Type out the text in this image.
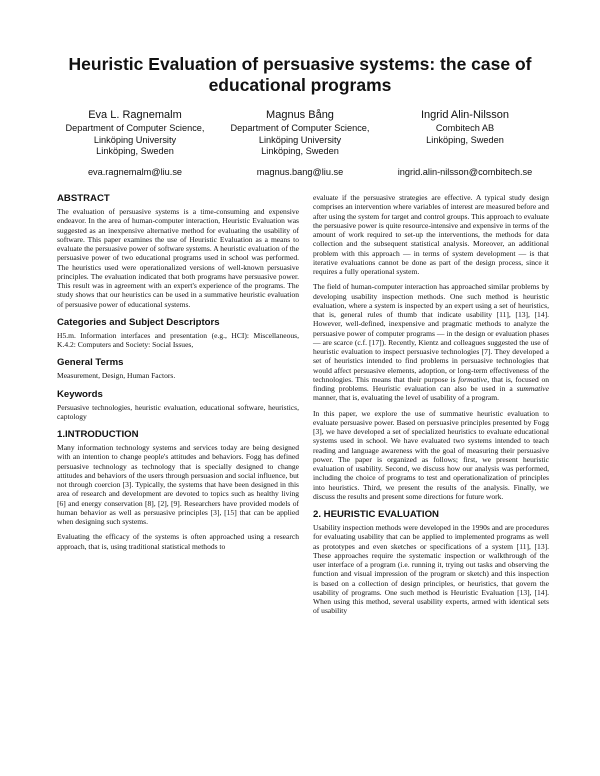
Heuristic Evaluation of persuasive systems: the case of educational programs
Eva L. Ragnemalm
Department of Computer Science,
Linköping University
Linköping, Sweden
eva.ragnemalm@liu.se
Magnus Bång
Department of Computer Science,
Linköping University
Linköping, Sweden
magnus.bang@liu.se
Ingrid Alin-Nilsson
Combitech AB
Linköping, Sweden
ingrid.alin-nilsson@combitech.se
ABSTRACT

The evaluation of persuasive systems is a time-consuming and expensive endeavor. In the area of human-computer interaction, Heuristic Evaluation was suggested as an inexpensive alternative method for evaluating the usability of software. This paper examines the use of Heuristic Evaluation as a means to evaluate the persuasive power of software systems. A heuristic evaluation of the persuasive power of two educational programs used in school was performed. The heuristics used were operationalized versions of well-known persuasive principles. The evaluation indicated that both programs have persuasive power. This result was in agreement with an expert's experience of the programs. The study shows that our heuristics can be used in a summative heuristic evaluation of persuasive power of educational systems.

Categories and Subject Descriptors

H5.m. Information interfaces and presentation (e.g., HCI): Miscellaneous, K.4.2: Computers and Society: Social Issues,

General Terms

Measurement, Design, Human Factors.

Keywords

Persuasive technologies, heuristic evaluation, educational software, heuristics, captology

1.INTRODUCTION

Many information technology systems and services today are being designed with an intention to change people's attitudes and behaviors. Fogg has defined persuasive technology as technology that is specially designed to change attitudes and behaviors of the users through persuasion and social influence, but not through coercion [3]. Typically, the systems that have been designed in this area of research and development are devoted to topics such as healthy living [6] and energy conservation [8], [2], [9]. Researchers have provided models of human behavior as well as persuasive principles [3], [15] that can be applied when designing such systems.

Evaluating the efficacy of the systems is often approached using a research approach, that is, using traditional statistical methods to

evaluate if the persuasive strategies are effective. A typical study design comprises an intervention where variables of interest are measured before and after using the system for target and control groups. This approach to evaluate the persuasive power is quite resource-intensive and expensive in terms of the amount of work required to set-up the interventions, the methods for data collection and the subsequent statistical analysis. Moreover, an additional problem with this approach — in terms of system development — is that iterative evaluations cannot be done as part of the design process, since it requires a fully operational system.

The field of human-computer interaction has approached similar problems by developing usability inspection methods. One such method is heuristic evaluation, where a system is inspected by an expert using a set of heuristics, that is, general rules of thumb that indicate usability [11], [13], [14]. However, well-defined, inexpensive and pragmatic methods to analyze the persuasive power of computer programs — in the design or evaluation phases — are scarce (c.f. [17]). Recently, Kientz and colleagues suggested the use of heuristic evaluation to inspect persuasive technologies [7]. They developed a set of heuristics intended to find problems in persuasive technologies that would affect persuasive elements, adoption, or long-term effectiveness of the technologies. This means that their purpose is formative, that is, focused on finding problems. Heuristic evaluation can also be used in a summative manner, that is, evaluating the level of usability of a program.

In this paper, we explore the use of summative heuristic evaluation to evaluate persuasive power. Based on persuasive principles presented by Fogg [3], we have developed a set of specialized heuristics to evaluate educational systems used in school. We have evaluated two systems intended to teach reading and language awareness with the goal of measuring their persuasive power. The paper is organized as follows; first, we present heuristic evaluation of usability. Second, we discuss how our analysis was performed, including the choice of programs to test and operationalization of principles into heuristics. Third, we present the results of the analysis. Finally, we discuss the results and present some directions for future work.

2. HEURISTIC EVALUATION

Usability inspection methods were developed in the 1990s and are procedures for evaluating usability that can be applied to implemented programs as well as prototypes and even sketches or specifications of a system [11], [13]. These approaches require the systematic inspection or walkthrough of the user interface of a program (i.e. running it, trying out tasks and observing the function and visual impression of the program or sketch) and this inspection is based on a collection of design principles, or heuristics, that govern the usability of programs. One such method is Heuristic Evaluation [13], [14]. When using this method, several usability experts, armed with identical sets of usability
